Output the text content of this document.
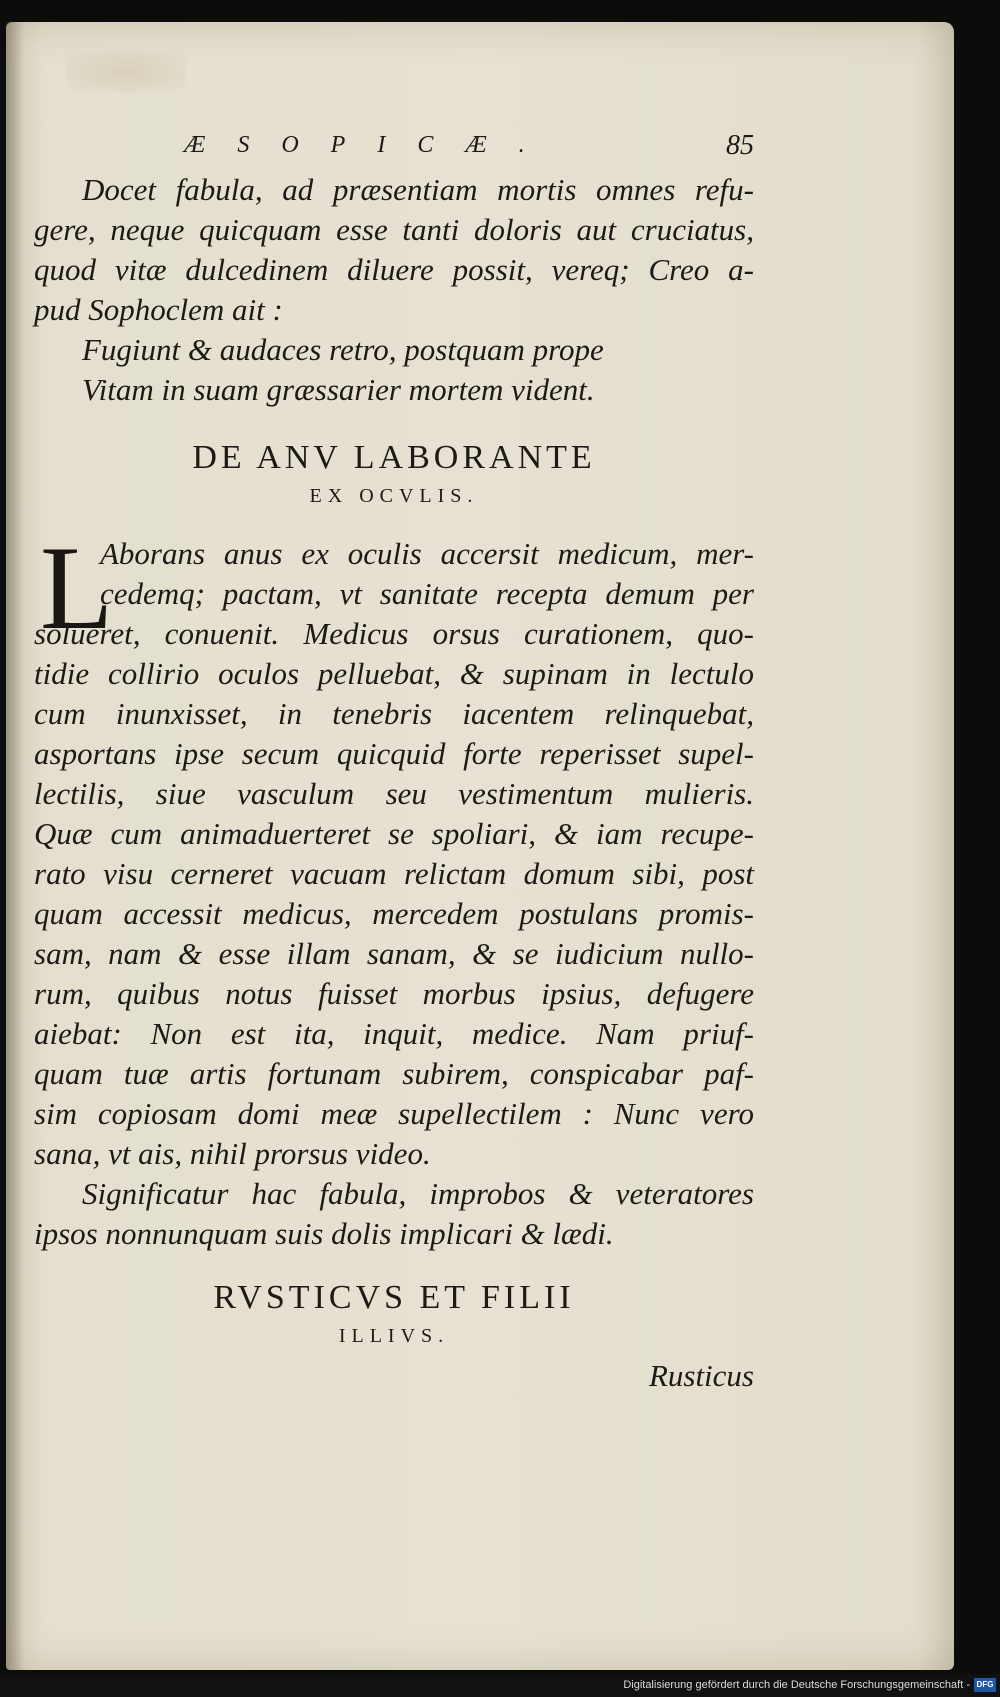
ÆSOPICÆ.	85
Docet fabula, ad præsentiam mortis omnes refu-
gere, neque quicquam esse tanti doloris aut cruciatus,
quod vitæ dulcedinem diluere possit, vereq; Creo a-
pud Sophoclem ait :
Fugiunt & audaces retro, postquam prope
Vitam in suam græssarier mortem vident.
DE ANV LABORANTE
EX OCVLIS.
L
Aborans anus ex oculis accersit medicum, mer-
cedemq; pactam, vt sanitate recepta demum per
solueret, conuenit. Medicus orsus curationem, quo-
tidie collirio oculos pelluebat, & supinam in lectulo
cum inunxisset, in tenebris iacentem relinquebat,
asportans ipse secum quicquid forte reperisset supel-
lectilis, siue vasculum seu vestimentum mulieris.
Quæ cum animaduerteret se spoliari, & iam recupe-
rato visu cerneret vacuam relictam domum sibi, post
quam accessit medicus, mercedem postulans promis-
sam, nam & esse illam sanam, & se iudicium nullo-
rum, quibus notus fuisset morbus ipsius, defugere
aiebat: Non est ita, inquit, medice. Nam priuf-
quam tuæ artis fortunam subirem, conspicabar paf-
sim copiosam domi meæ supellectilem : Nunc vero
sana, vt ais, nihil prorsus video.
Significatur hac fabula, improbos & veteratores
ipsos nonnunquam suis dolis implicari & lædi.
RVSTICVS ET FILII
ILLIVS.
Rusticus
Digitalisierung gefördert durch die Deutsche Forschungsgemeinschaft - DFG
